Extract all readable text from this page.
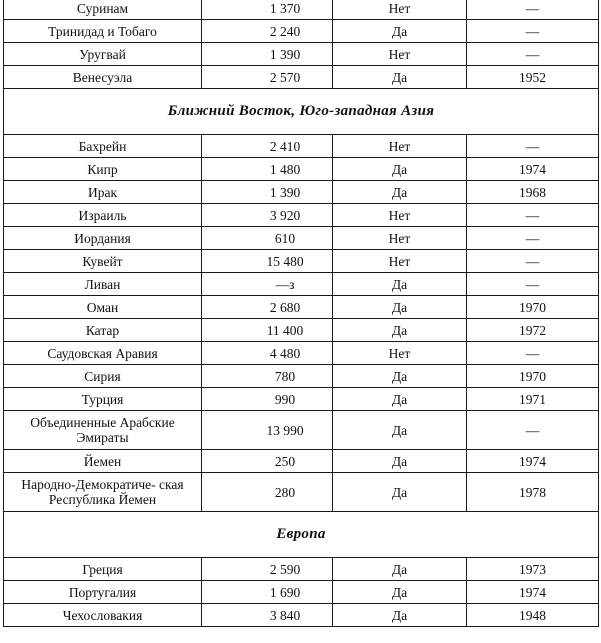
Суринам	1 370	Нет	—
Тринидад и Тобаго	2 240	Да	—
Уругвай	1 390	Нет	—
Венесуэла	2 570	Да	1952
Ближний Восток, Юго-западная Азия			
Бахрейн	2 410	Нет	—
Кипр	1 480	Да	1974
Ирак	1 390	Да	1968
Израиль	3 920	Нет	—
Иордания	610	Нет	—
Кувейт	15 480	Нет	—
Ливан	—з	Да	—
Оман	2 680	Да	1970
Катар	11 400	Да	1972
Саудовская Аравия	4 480	Нет	—
Сирия	780	Да	1970
Турция	990	Да	1971
Объединенные Арабские Эмираты	13 990	Да	—
Йемен	250	Да	1974
Народно-Демократиче- ская Республика Йемен	280	Да	1978
Европа			
Греция	2 590	Да	1973
Португалия	1 690	Да	1974
Чехословакия	3 840	Да	1948
